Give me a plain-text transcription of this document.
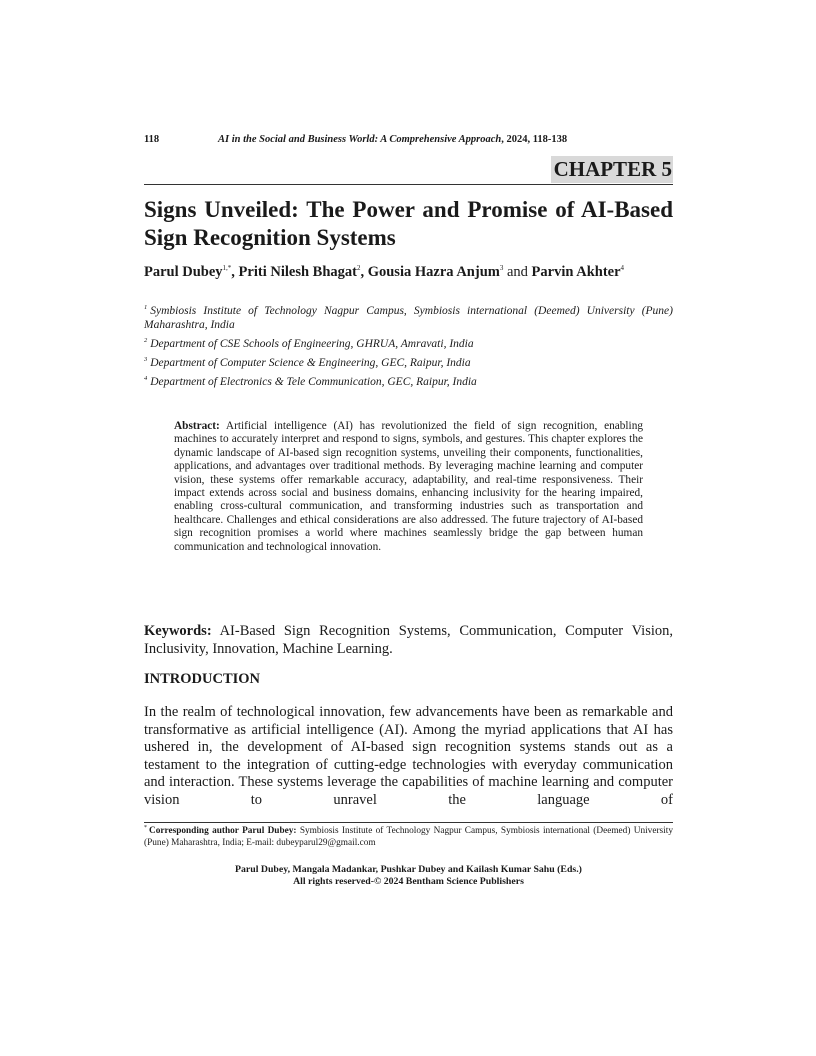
118	AI in the Social and Business World: A Comprehensive Approach, 2024, 118-138
CHAPTER 5
Signs Unveiled: The Power and Promise of AI-Based Sign Recognition Systems
Parul Dubey$^{1,*}$, Priti Nilesh Bhagat$^2$, Gousia Hazra Anjum$^3$ and Parvin Akhter$^4$

$^1$ Symbiosis Institute of Technology Nagpur Campus, Symbiosis international (Deemed) University (Pune) Maharashtra, India

$^2$ Department of CSE Schools of Engineering, GHRUA, Amravati, India

$^3$ Department of Computer Science & Engineering, GEC, Raipur, India

$^4$ Department of Electronics & Tele Communication, GEC, Raipur, India

Abstract: Artificial intelligence (AI) has revolutionized the field of sign recognition, enabling machines to accurately interpret and respond to signs, symbols, and gestures. This chapter explores the dynamic landscape of AI-based sign recognition systems, unveiling their components, functionalities, applications, and advantages over traditional methods. By leveraging machine learning and computer vision, these systems offer remarkable accuracy, adaptability, and real-time responsiveness. Their impact extends across social and business domains, enhancing inclusivity for the hearing impaired, enabling cross-cultural communication, and transforming industries such as transportation and healthcare. Challenges and ethical considerations are also addressed. The future trajectory of AI-based sign recognition promises a world where machines seamlessly bridge the gap between human communication and technological innovation.

Keywords: AI-Based Sign Recognition Systems, Communication, Computer Vision, Inclusivity, Innovation, Machine Learning.

INTRODUCTION

In the realm of technological innovation, few advancements have been as remarkable and transformative as artificial intelligence (AI). Among the myriad applications that AI has ushered in, the development of AI-based sign recognition systems stands out as a testament to the integration of cutting-edge technologies with everyday communication and interaction. These systems leverage the capabilities of machine learning and computer vision to unravel the language of

* Corresponding author Parul Dubey: Symbiosis Institute of Technology Nagpur Campus, Symbiosis international (Deemed) University (Pune) Maharashtra, India; E-mail: dubeyparul29@gmail.com

Parul Dubey, Mangala Madankar, Pushkar Dubey and Kailash Kumar Sahu (Eds.)
All rights reserved-© 2024 Bentham Science Publishers
